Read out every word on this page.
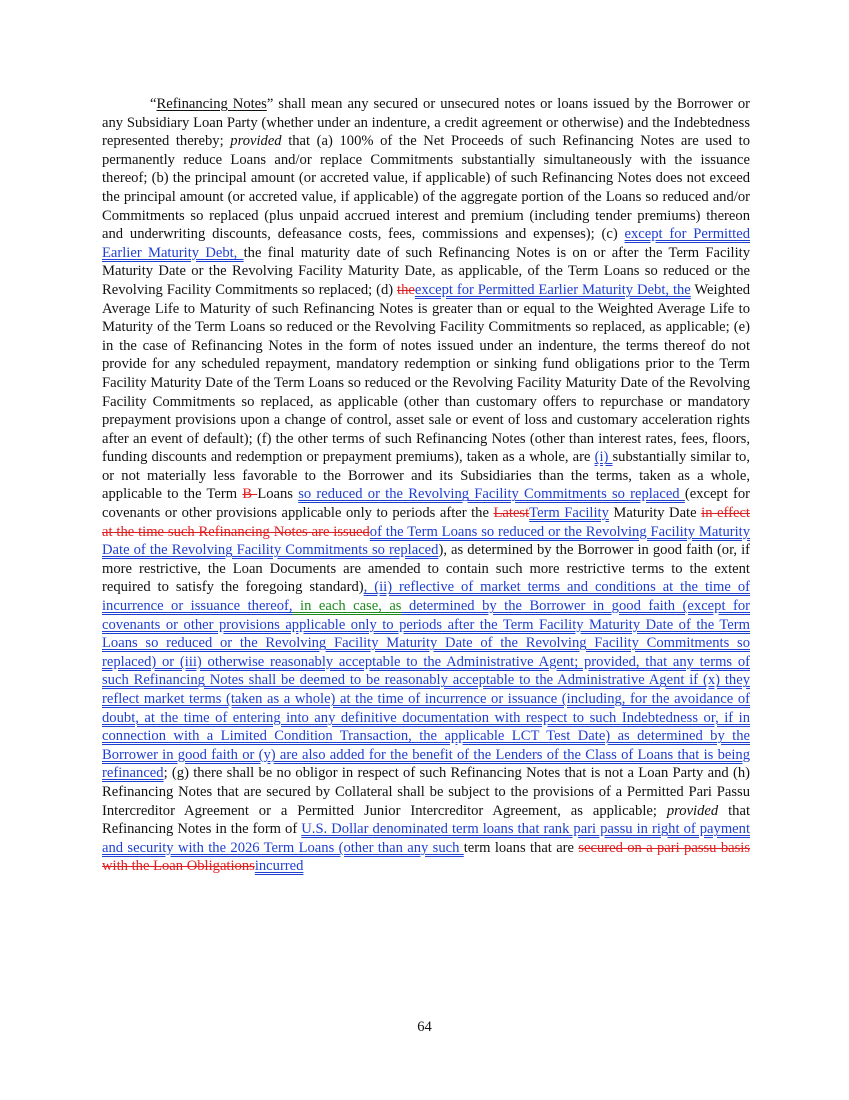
“Refinancing Notes” shall mean any secured or unsecured notes or loans issued by the Borrower or any Subsidiary Loan Party (whether under an indenture, a credit agreement or otherwise) and the Indebtedness represented thereby; provided that (a) 100% of the Net Proceeds of such Refinancing Notes are used to permanently reduce Loans and/or replace Commitments substantially simultaneously with the issuance thereof; (b) the principal amount (or accreted value, if applicable) of such Refinancing Notes does not exceed the principal amount (or accreted value, if applicable) of the aggregate portion of the Loans so reduced and/or Commitments so replaced (plus unpaid accrued interest and premium (including tender premiums) thereon and underwriting discounts, defeasance costs, fees, commissions and expenses); (c) except for Permitted Earlier Maturity Debt, the final maturity date of such Refinancing Notes is on or after the Term Facility Maturity Date or the Revolving Facility Maturity Date, as applicable, of the Term Loans so reduced or the Revolving Facility Commitments so replaced; (d) theexcept for Permitted Earlier Maturity Debt, the Weighted Average Life to Maturity of such Refinancing Notes is greater than or equal to the Weighted Average Life to Maturity of the Term Loans so reduced or the Revolving Facility Commitments so replaced, as applicable; (e) in the case of Refinancing Notes in the form of notes issued under an indenture, the terms thereof do not provide for any scheduled repayment, mandatory redemption or sinking fund obligations prior to the Term Facility Maturity Date of the Term Loans so reduced or the Revolving Facility Maturity Date of the Revolving Facility Commitments so replaced, as applicable (other than customary offers to repurchase or mandatory prepayment provisions upon a change of control, asset sale or event of loss and customary acceleration rights after an event of default); (f) the other terms of such Refinancing Notes (other than interest rates, fees, floors, funding discounts and redemption or prepayment premiums), taken as a whole, are (i) substantially similar to, or not materially less favorable to the Borrower and its Subsidiaries than the terms, taken as a whole, applicable to the Term B Loans so reduced or the Revolving Facility Commitments so replaced (except for covenants or other provisions applicable only to periods after the LatestTerm Facility Maturity Date in effect at the time such Refinancing Notes are issuedof the Term Loans so reduced or the Revolving Facility Maturity Date of the Revolving Facility Commitments so replaced), as determined by the Borrower in good faith (or, if more restrictive, the Loan Documents are amended to contain such more restrictive terms to the extent required to satisfy the foregoing standard), (ii) reflective of market terms and conditions at the time of incurrence or issuance thereof, in each case, as determined by the Borrower in good faith (except for covenants or other provisions applicable only to periods after the Term Facility Maturity Date of the Term Loans so reduced or the Revolving Facility Maturity Date of the Revolving Facility Commitments so replaced) or (iii) otherwise reasonably acceptable to the Administrative Agent; provided, that any terms of such Refinancing Notes shall be deemed to be reasonably acceptable to the Administrative Agent if (x) they reflect market terms (taken as a whole) at the time of incurrence or issuance (including, for the avoidance of doubt, at the time of entering into any definitive documentation with respect to such Indebtedness or, if in connection with a Limited Condition Transaction, the applicable LCT Test Date) as determined by the Borrower in good faith or (y) are also added for the benefit of the Lenders of the Class of Loans that is being refinanced; (g) there shall be no obligor in respect of such Refinancing Notes that is not a Loan Party and (h) Refinancing Notes that are secured by Collateral shall be subject to the provisions of a Permitted Pari Passu Intercreditor Agreement or a Permitted Junior Intercreditor Agreement, as applicable; provided that Refinancing Notes in the form of U.S. Dollar denominated term loans that rank pari passu in right of payment and security with the 2026 Term Loans (other than any such term loans that are secured on a pari passu basis with the Loan Obligationsincurred

64
